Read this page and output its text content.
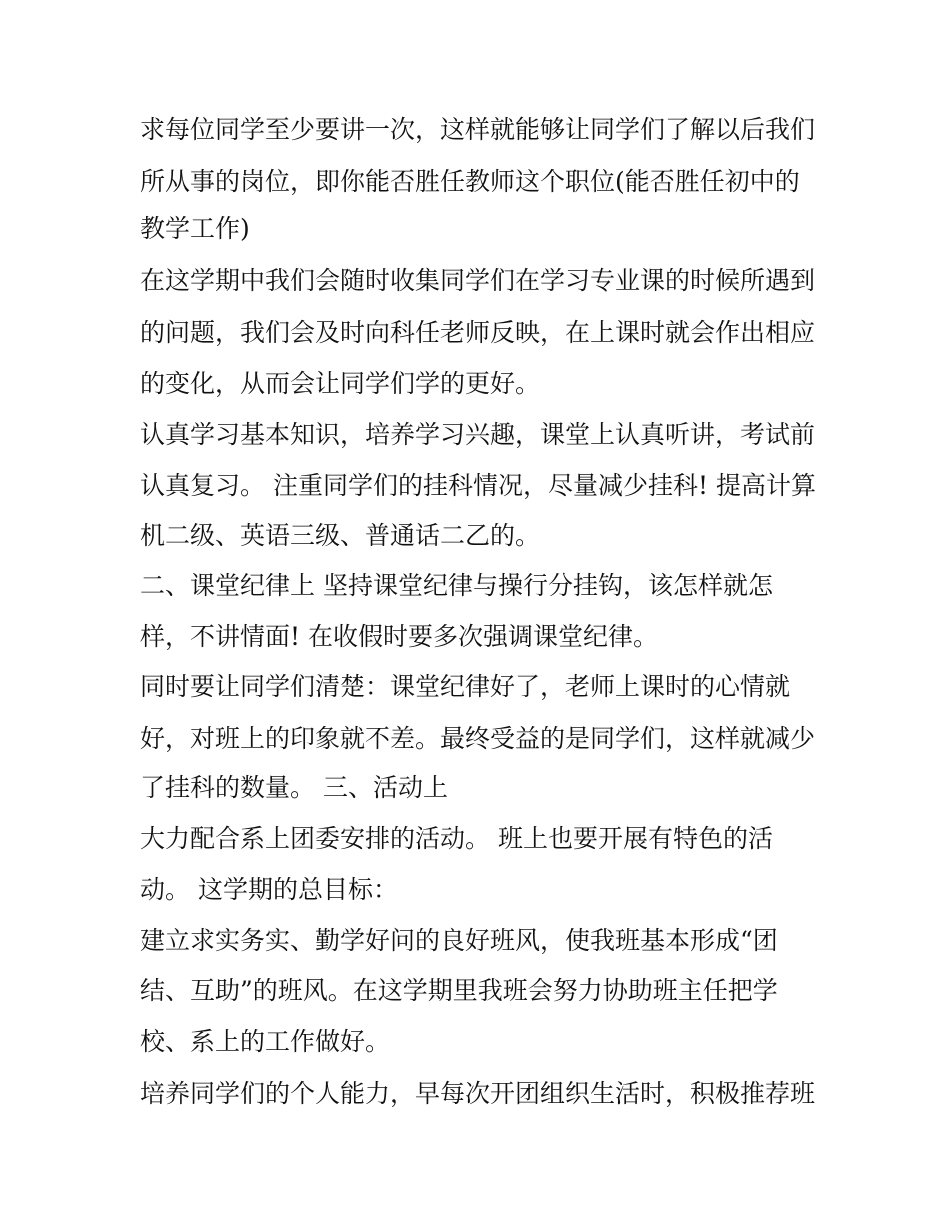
求每位同学至少要讲一次，这样就能够让同学们了解以后我们
所从事的岗位，即你能否胜任教师这个职位(能否胜任初中的
教学工作)
在这学期中我们会随时收集同学们在学习专业课的时候所遇到
的问题，我们会及时向科任老师反映，在上课时就会作出相应
的变化，从而会让同学们学的更好。
认真学习基本知识，培养学习兴趣，课堂上认真听讲，考试前
认真复习。 注重同学们的挂科情况，尽量减少挂科! 提高计算
机二级、英语三级、普通话二乙的。
二、课堂纪律上 坚持课堂纪律与操行分挂钩，该怎样就怎
样，不讲情面! 在收假时要多次强调课堂纪律。
同时要让同学们清楚：课堂纪律好了，老师上课时的心情就
好，对班上的印象就不差。最终受益的是同学们，这样就减少
了挂科的数量。 三、活动上
大力配合系上团委安排的活动。 班上也要开展有特色的活
动。 这学期的总目标：
建立求实务实、勤学好问的良好班风，使我班基本形成“团
结、互助”的班风。在这学期里我班会努力协助班主任把学
校、系上的工作做好。
培养同学们的个人能力，早每次开团组织生活时，积极推荐班
